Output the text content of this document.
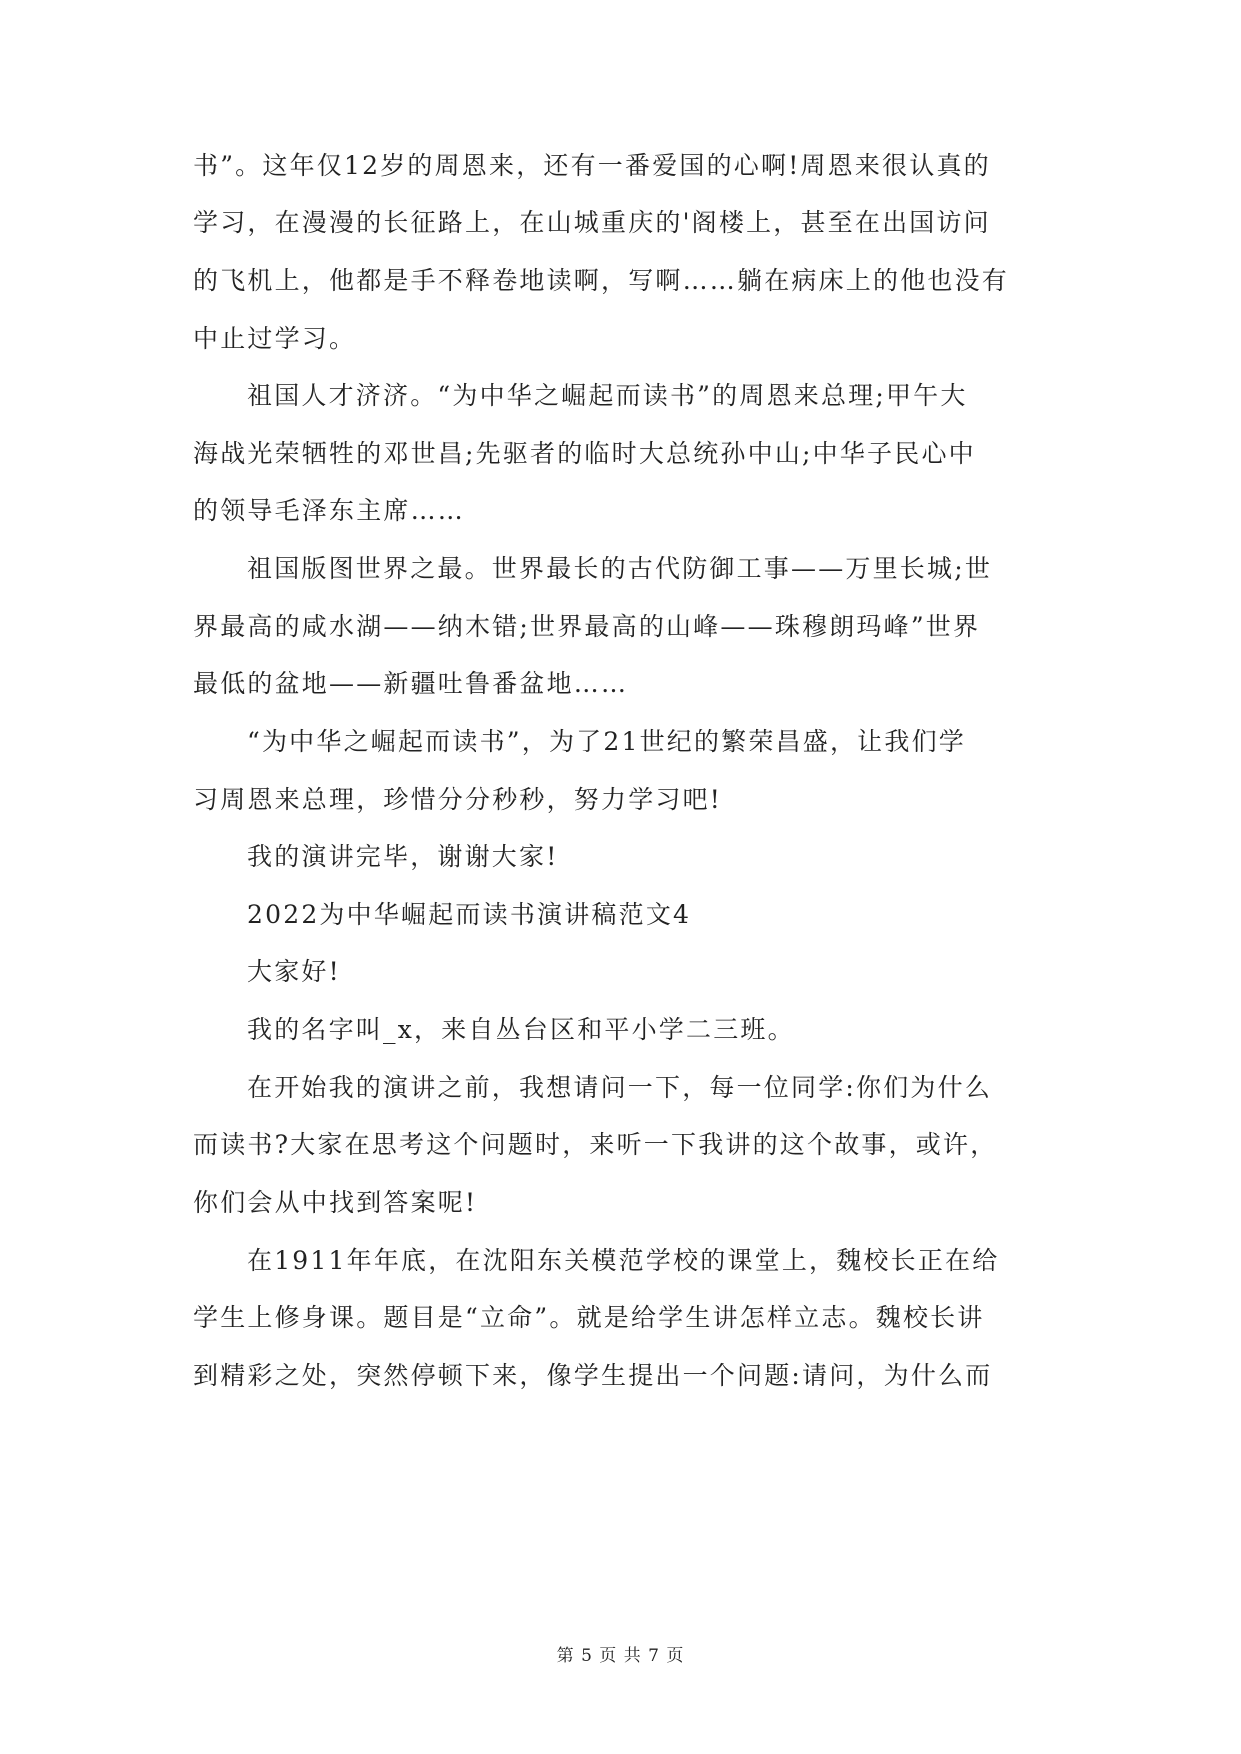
书”。这年仅12岁的周恩来，还有一番爱国的心啊!周恩来很认真的
学习，在漫漫的长征路上，在山城重庆的'阁楼上，甚至在出国访问
的飞机上，他都是手不释卷地读啊，写啊……躺在病床上的他也没有
中止过学习。
祖国人才济济。“为中华之崛起而读书”的周恩来总理;甲午大
海战光荣牺牲的邓世昌;先驱者的临时大总统孙中山;中华子民心中
的领导毛泽东主席……
祖国版图世界之最。世界最长的古代防御工事——万里长城;世
界最高的咸水湖——纳木错;世界最高的山峰——珠穆朗玛峰”世界
最低的盆地——新疆吐鲁番盆地……
“为中华之崛起而读书”，为了21世纪的繁荣昌盛，让我们学
习周恩来总理，珍惜分分秒秒，努力学习吧!
我的演讲完毕，谢谢大家!
2022为中华崛起而读书演讲稿范文4
大家好!
我的名字叫_x，来自丛台区和平小学二三班。
在开始我的演讲之前，我想请问一下，每一位同学:你们为什么
而读书?大家在思考这个问题时，来听一下我讲的这个故事，或许，
你们会从中找到答案呢!
在1911年年底，在沈阳东关模范学校的课堂上，魏校长正在给
学生上修身课。题目是“立命”。就是给学生讲怎样立志。魏校长讲
到精彩之处，突然停顿下来，像学生提出一个问题:请问，为什么而
第 5 页 共 7 页
